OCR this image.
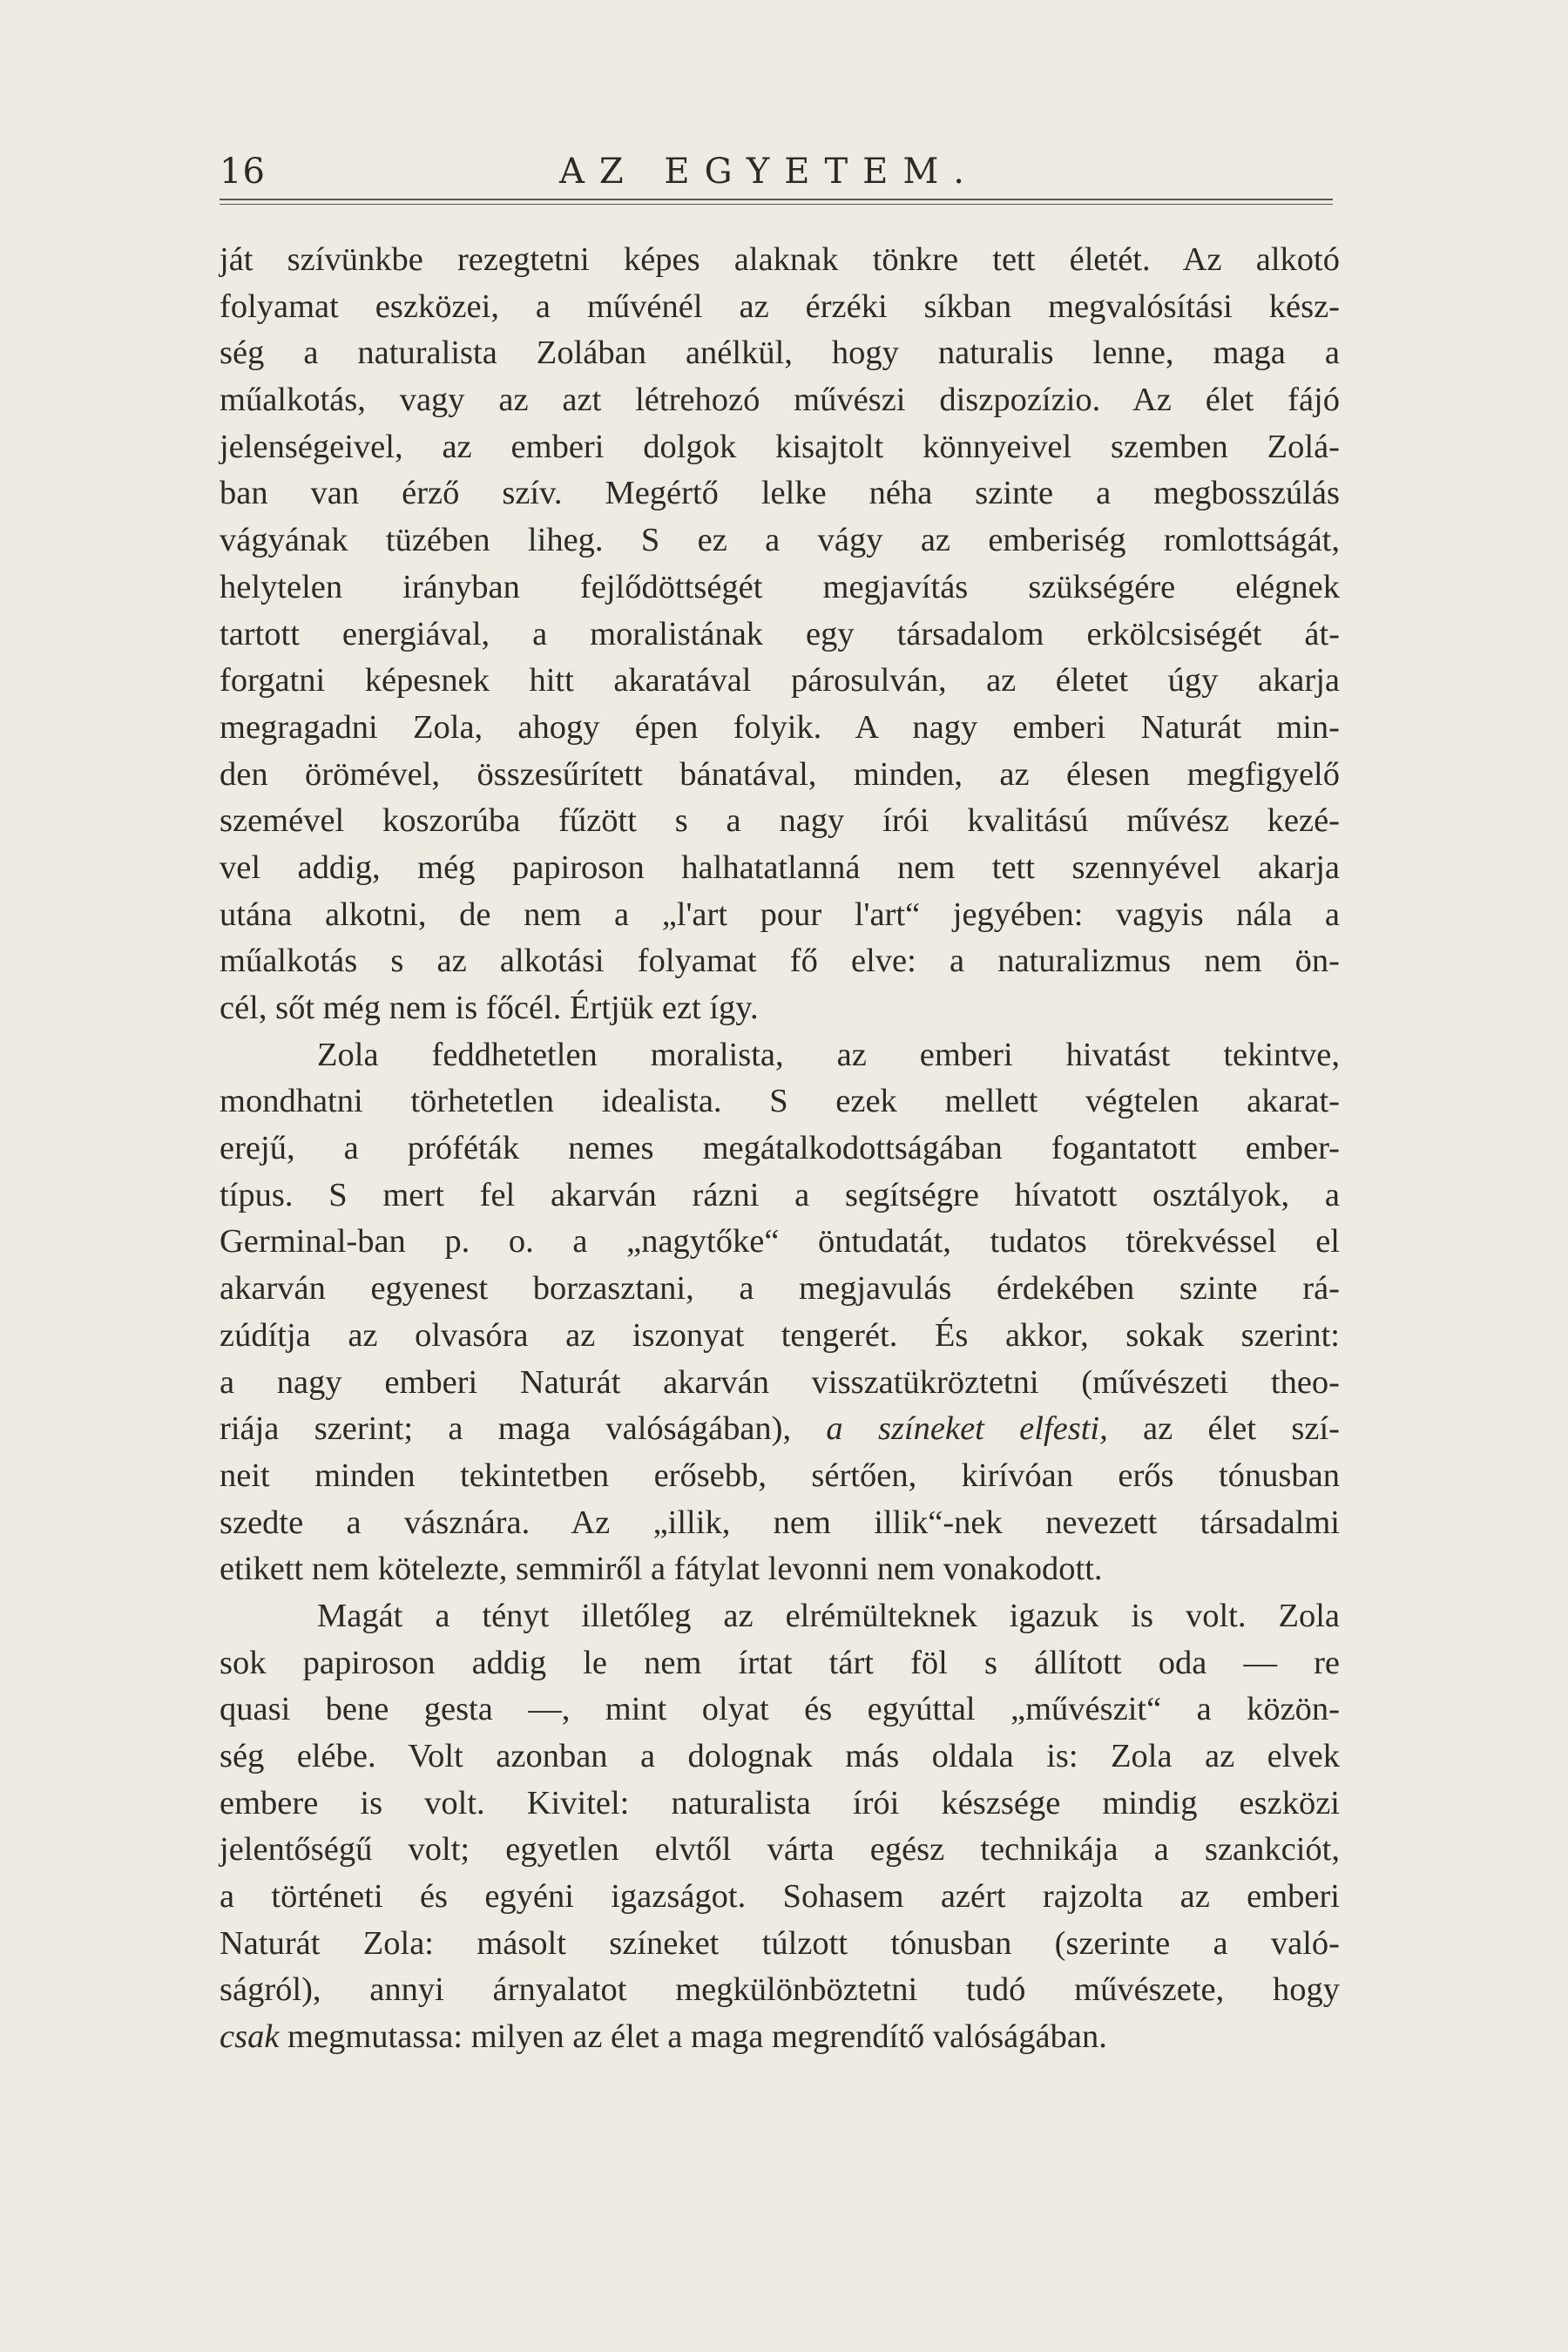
16	AZ EGYETEM.
ját szívünkbe rezegtetni képes alaknak tönkre tett életét. Az alkotó
folyamat eszközei, a művénél az érzéki síkban megvalósítási kész-
ség a naturalista Zolában anélkül, hogy naturalis lenne, maga a
műalkotás, vagy az azt létrehozó művészi diszpozízio. Az élet fájó
jelenségeivel, az emberi dolgok kisajtolt könnyeivel szemben Zolá-
ban van érző szív. Megértő lelke néha szinte a megbosszúlás
vágyának tüzében liheg. S ez a vágy az emberiség romlottságát,
helytelen irányban fejlődöttségét megjavítás szükségére elégnek
tartott energiával, a moralistának egy társadalom erkölcsiségét át-
forgatni képesnek hitt akaratával párosulván, az életet úgy akarja
megragadni Zola, ahogy épen folyik. A nagy emberi Naturát min-
den örömével, összesűrített bánatával, minden, az élesen megfigyelő
szemével koszorúba fűzött s a nagy írói kvalitású művész kezé-
vel addig, még papiroson halhatatlanná nem tett szennyével akarja
utána alkotni, de nem a „l'art pour l'art“ jegyében: vagyis nála a
műalkotás s az alkotási folyamat fő elve: a naturalizmus nem ön-
cél, sőt még nem is főcél. Értjük ezt így.
Zola feddhetetlen moralista, az emberi hivatást tekintve,
mondhatni törhetetlen idealista. S ezek mellett végtelen akarat-
erejű, a próféták nemes megátalkodottságában fogantatott ember-
típus. S mert fel akarván rázni a segítségre hívatott osztályok, a
Germinal-ban p. o. a „nagytőke“ öntudatát, tudatos törekvéssel el
akarván egyenest borzasztani, a megjavulás érdekében szinte rá-
zúdítja az olvasóra az iszonyat tengerét. És akkor, sokak szerint:
a nagy emberi Naturát akarván visszatükröztetni (művészeti theo-
riája szerint; a maga valóságában), a színeket elfesti, az élet szí-
neit minden tekintetben erősebb, sértően, kirívóan erős tónusban
szedte a vásznára. Az „illik, nem illik“-nek nevezett társadalmi
etikett nem kötelezte, semmiről a fátylat levonni nem vonakodott.
Magát a tényt illetőleg az elrémülteknek igazuk is volt. Zola
sok papiroson addig le nem írtat tárt föl s állított oda — re
quasi bene gesta —, mint olyat és egyúttal „művészit“ a közön-
ség elébe. Volt azonban a dolognak más oldala is: Zola az elvek
embere is volt. Kivitel: naturalista írói készsége mindig eszközi
jelentőségű volt; egyetlen elvtől várta egész technikája a szankciót,
a történeti és egyéni igazságot. Sohasem azért rajzolta az emberi
Naturát Zola: másolt színeket túlzott tónusban (szerinte a való-
ságról), annyi árnyalatot megkülönböztetni tudó művészete, hogy
csak megmutassa: milyen az élet a maga megrendítő valóságában.
